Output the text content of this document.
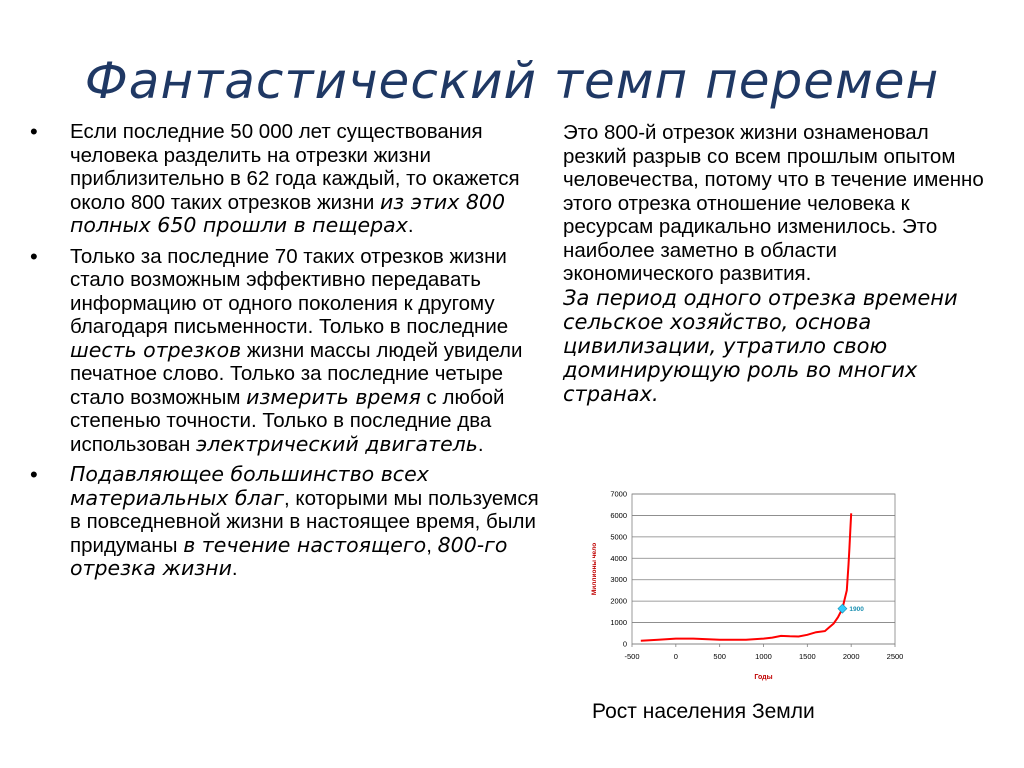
Фантастический темп перемен
• Если последние 50 000 лет существования человека разделить на отрезки жизни приблизительно в 62 года каждый, то окажется около 800 таких отрезков жизни из этих 800 полных 650 прошли в пещерах.
• Только за последние 70 таких отрезков жизни стало возможным эффективно передавать информацию от одного поколения к другому благодаря письменности. Только в последние шесть отрезков жизни массы людей увидели печатное слово. Только за последние четыре стало возможным измерить время с любой степенью точности. Только в последние два использован электрический двигатель.
• Подавляющее большинство всех материальных благ, которыми мы пользуемся в повседневной жизни в настоящее время, были придуманы в течение настоящего, 800-го отрезка жизни.
Это 800-й отрезок жизни ознаменовал резкий разрыв со всем прошлым опытом человечества, потому что в течение именно этого отрезка отношение человека к ресурсам радикально изменилось. Это наиболее заметно в области экономического развития.
За период одного отрезка времени сельское хозяйство, основа цивилизации, утратило свою доминирующую роль во многих странах.
0
1000
2000
3000
4000
5000
6000
7000
-500	0	500	1000	1500	2000	2500
Годы
Миллионы чело
1900
Рост населения Земли
